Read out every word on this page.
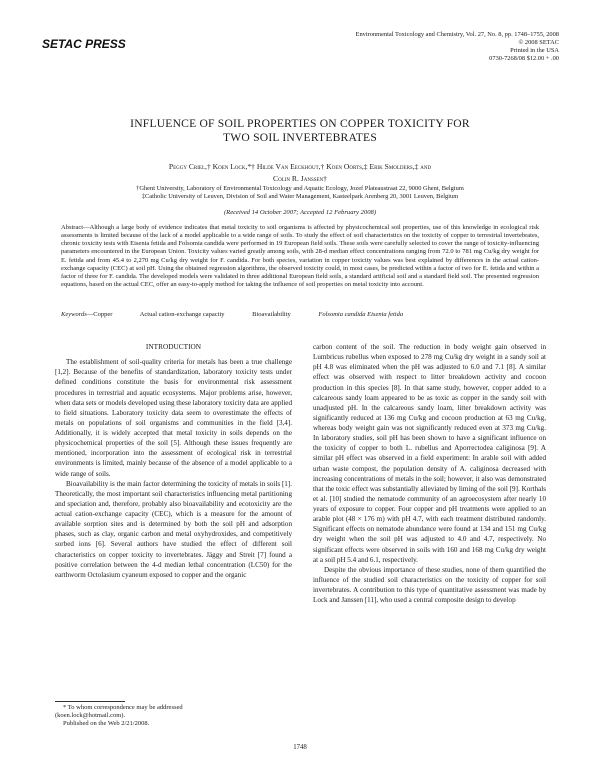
SETAC PRESS
Environmental Toxicology and Chemistry, Vol. 27, No. 8, pp. 1748–1755, 2008
© 2008 SETAC
Printed in the USA
0730-7268/08 $12.00 + .00
INFLUENCE OF SOIL PROPERTIES ON COPPER TOXICITY FOR
TWO SOIL INVERTEBRATES
Peggy Criel,† Koen Lock,*† Hilde Van Eeckhout,† Koen Oorts,‡ Erik Smolders,‡ and
Colin R. Janssen†
†Ghent University, Laboratory of Environmental Toxicology and Aquatic Ecology, Jozef Plateaustraat 22, 9000 Ghent, Belgium
‡Catholic University of Leuven, Division of Soil and Water Management, Kasteelpark Arenberg 20, 3001 Leuven, Belgium
(Received 14 October 2007; Accepted 12 February 2008)
Abstract—Although a large body of evidence indicates that metal toxicity to soil organisms is affected by physicochemical soil properties, use of this knowledge in ecological risk assessments is limited because of the lack of a model applicable to a wide range of soils. To study the effect of soil characteristics on the toxicity of copper to terrestrial invertebrates, chronic toxicity tests with Eisenia fetida and Folsomia candida were performed in 19 European field soils. These soils were carefully selected to cover the range of toxicity-influencing parameters encountered in the European Union. Toxicity values varied greatly among soils, with 28-d median effect concentrations ranging from 72.0 to 781 mg Cu/kg dry weight for E. fetida and from 45.4 to 2,270 mg Cu/kg dry weight for F. candida. For both species, variation in copper toxicity values was best explained by differences in the actual cation-exchange capacity (CEC) at soil pH. Using the obtained regression algorithms, the observed toxicity could, in most cases, be predicted within a factor of two for E. fetida and within a factor of three for F. candida. The developed models were validated in three additional European field soils, a standard artificial soil and a standard field soil. The presented regression equations, based on the actual CEC, offer an easy-to-apply method for taking the influence of soil properties on metal toxicity into account.
Keywords—Copper	Actual cation-exchange capacity	Bioavailability	Folsomia candida Eisenia fetida

INTRODUCTION

The establishment of soil-quality criteria for metals has been a true challenge [1,2]. Because of the benefits of standardization, laboratory toxicity tests under defined conditions constitute the basis for environmental risk assessment procedures in terrestrial and aquatic ecosystems. Major problems arise, however, when data sets or models developed using these laboratory toxicity data are applied to field situations. Laboratory toxicity data seem to overestimate the effects of metals on populations of soil organisms and communities in the field [3,4]. Additionally, it is widely accepted that metal toxicity in soils depends on the physicochemical properties of the soil [5]. Although these issues frequently are mentioned, incorporation into the assessment of ecological risk in terrestrial environments is limited, mainly because of the absence of a model applicable to a wide range of soils.

Bioavailability is the main factor determining the toxicity of metals in soils [1]. Theoretically, the most important soil characteristics influencing metal partitioning and speciation and, therefore, probably also bioavailability and ecotoxicity are the actual cation-exchange capacity (CEC), which is a measure for the amount of available sorption sites and is determined by both the soil pH and adsorption phases, such as clay, organic carbon and metal oxyhydroxides, and competitively sorbed ions [6]. Several authors have studied the effect of different soil characteristics on copper toxicity to invertebrates. Jäggy and Streit [7] found a positive correlation between the 4-d median lethal concentration (LC50) for the earthworm Octolasium cyaneum exposed to copper and the organic

carbon content of the soil. The reduction in body weight gain observed in Lumbricus rubellus when exposed to 278 mg Cu/kg dry weight in a sandy soil at pH 4.8 was eliminated when the pH was adjusted to 6.0 and 7.1 [8]. A similar effect was observed with respect to litter breakdown activity and cocoon production in this species [8]. In that same study, however, copper added to a calcareous sandy loam appeared to be as toxic as copper in the sandy soil with unadjusted pH. In the calcareous sandy loam, litter breakdown activity was significantly reduced at 136 mg Cu/kg and cocoon production at 63 mg Cu/kg, whereas body weight gain was not significantly reduced even at 373 mg Cu/kg. In laboratory studies, soil pH has been shown to have a significant influence on the toxicity of copper to both L. rubellus and Aporrectodea caliginosa [9]. A similar pH effect was observed in a field experiment: In arable soil with added urban waste compost, the population density of A. caliginosa decreased with increasing concentrations of metals in the soil; however, it also was demonstrated that the toxic effect was substantially alleviated by liming of the soil [9]. Korthals et al. [10] studied the nematode community of an agroecosystem after nearly 10 years of exposure to copper. Four copper and pH treatments were applied to an arable plot (48 × 176 m) with pH 4.7, with each treatment distributed randomly. Significant effects on nematode abundance were found at 134 and 151 mg Cu/kg dry weight when the soil pH was adjusted to 4.0 and 4.7, respectively. No significant effects were observed in soils with 160 and 168 mg Cu/kg dry weight at a soil pH 5.4 and 6.1, respectively.

Despite the obvious importance of these studies, none of them quantified the influence of the studied soil characteristics on the toxicity of copper for soil invertebrates. A contribution to this type of quantitative assessment was made by Lock and Janssen [11], who used a central composite design to develop

* To whom correspondence may be addressed

(koen.lock@hotmail.com).

Published on the Web 2/21/2008.

1748
